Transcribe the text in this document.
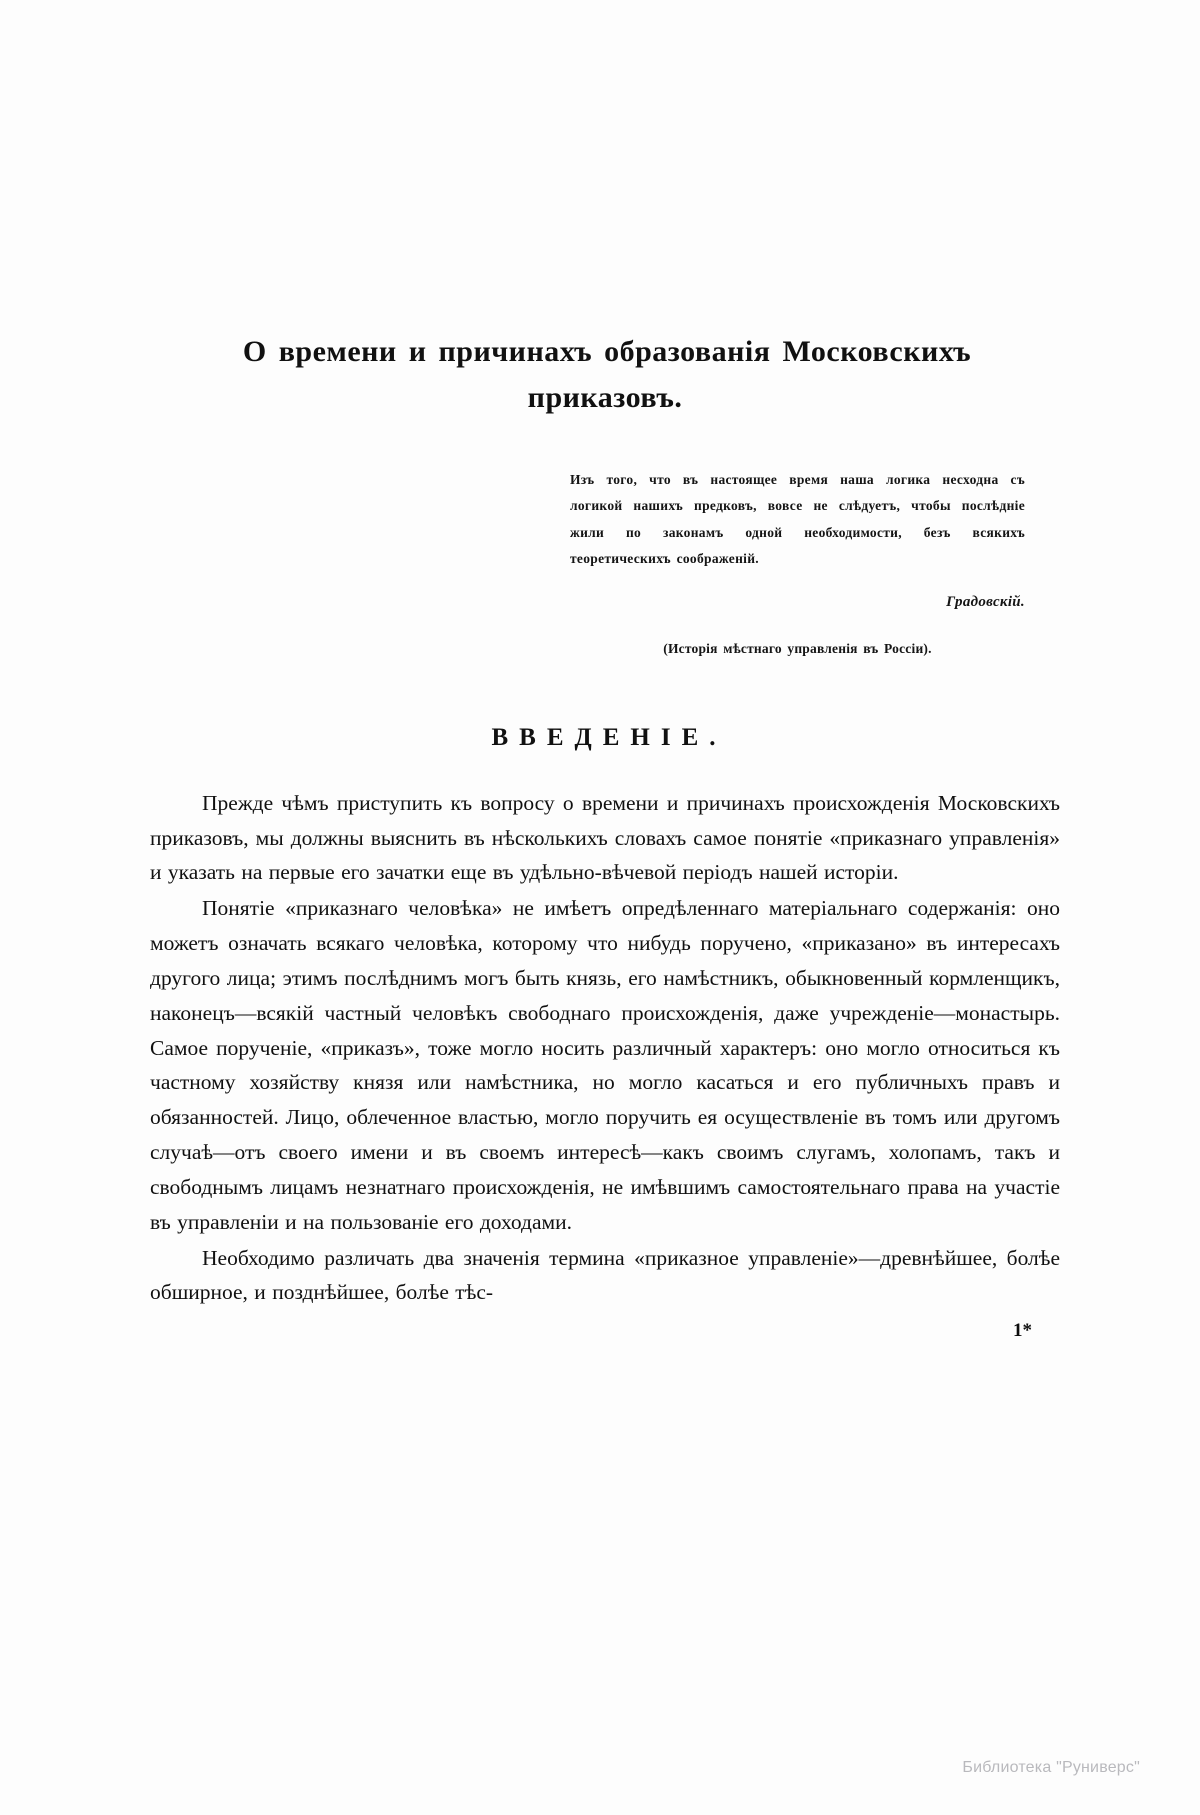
О времени и причинахъ образованія Московскихъ
приказовъ.
Изъ того, что въ настоящее время наша логика несходна съ логикой нашихъ предковъ, вовсе не слѣдуетъ, чтобы послѣдніе жили по законамъ одной необходимости, безъ всякихъ теоретическихъ соображеній.
Градовскій.
(Исторія мѣстнаго управленія въ Россіи).
ВВЕДЕНІЕ.

Прежде чѣмъ приступить къ вопросу о времени и причинахъ происхожденія Московскихъ приказовъ, мы должны выяснить въ нѣсколькихъ словахъ самое понятіе «приказнаго управленія» и указать на первые его зачатки еще въ удѣльно-вѣчевой періодъ нашей исторіи.

Понятіе «приказнаго человѣка» не имѣетъ опредѣленнаго матеріальнаго содержанія: оно можетъ означать всякаго человѣка, которому что нибудь поручено, «приказано» въ интересахъ другого лица; этимъ послѣднимъ могъ быть князь, его намѣстникъ, обыкновенный кормленщикъ, наконецъ—всякій частный человѣкъ свободнаго происхожденія, даже учрежденіе—монастырь. Самое порученіе, «приказъ», тоже могло носить различный характеръ: оно могло относиться къ частному хозяйству князя или намѣстника, но могло касаться и его публичныхъ правъ и обязанностей. Лицо, облеченное властью, могло поручить ея осуществленіе въ томъ или другомъ случаѣ—отъ своего имени и въ своемъ интересѣ—какъ своимъ слугамъ, холопамъ, такъ и свободнымъ лицамъ незнатнаго происхожденія, не имѣвшимъ самостоятельнаго права на участіе въ управленіи и на пользованіе его доходами.

Необходимо различать два значенія термина «приказное управленіе»—древнѣйшее, болѣе обширное, и позднѣйшее, болѣе тѣс-

1*
Библиотека "Руниверс"
